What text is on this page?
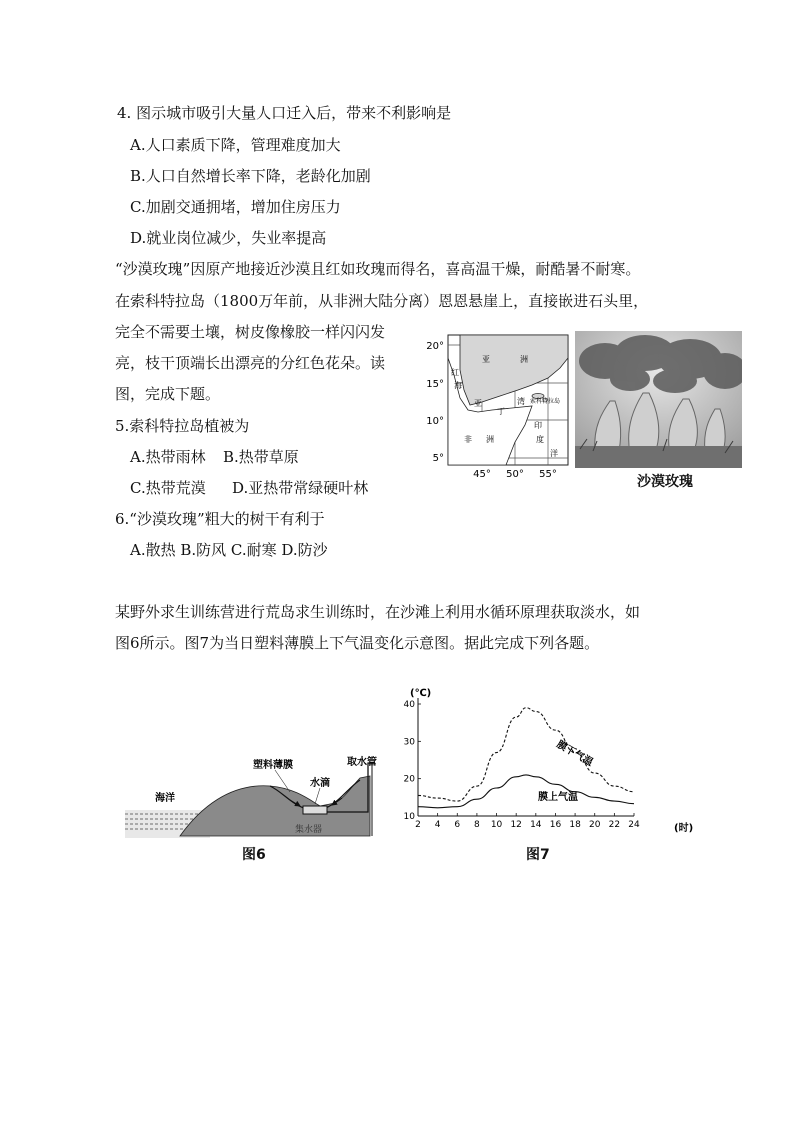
4. 图示城市吸引大量人口迁入后，带来不利影响是
A.人口素质下降，管理难度加大
B.人口自然增长率下降，老龄化加剧
C.加剧交通拥堵，增加住房压力
D.就业岗位减少，失业率提高
“沙漠玫瑰”因原产地接近沙漠且红如玫瑰而得名，喜高温干燥，耐酷暑不耐寒。
在索科特拉岛（1800万年前，从非洲大陆分离）恩恩悬崖上，直接嵌进石头里，
完全不需要土壤，树皮像橡胶一样闪闪发
亮，枝干顶端长出漂亮的分红色花朵。读
图，完成下题。
20°
15°
10°
5°
45° 50° 55°
红
海
亚	洲
亚
丁
湾 索科特拉岛
非 洲
印
度
洋
沙漠玫瑰
5.索科特拉岛植被为
A.热带雨林 B.热带草原
C.热带荒漠 D.亚热带常绿硬叶林
6.“沙漠玫瑰”粗大的树干有利于
A.散热 B.防风 C.耐寒 D.防沙
某野外求生训练营进行荒岛求生训练时，在沙滩上利用水循环原理获取淡水，如
图6所示。图7为当日塑料薄膜上下气温变化示意图。据此完成下列各题。
海洋
塑料薄膜
水滴
取水管
集水器
图6
(℃)
(时)
2 4 6 8 10 12 14 16 18 20 22 24
10
20
30
40
膜下气温
膜上气温
图7
